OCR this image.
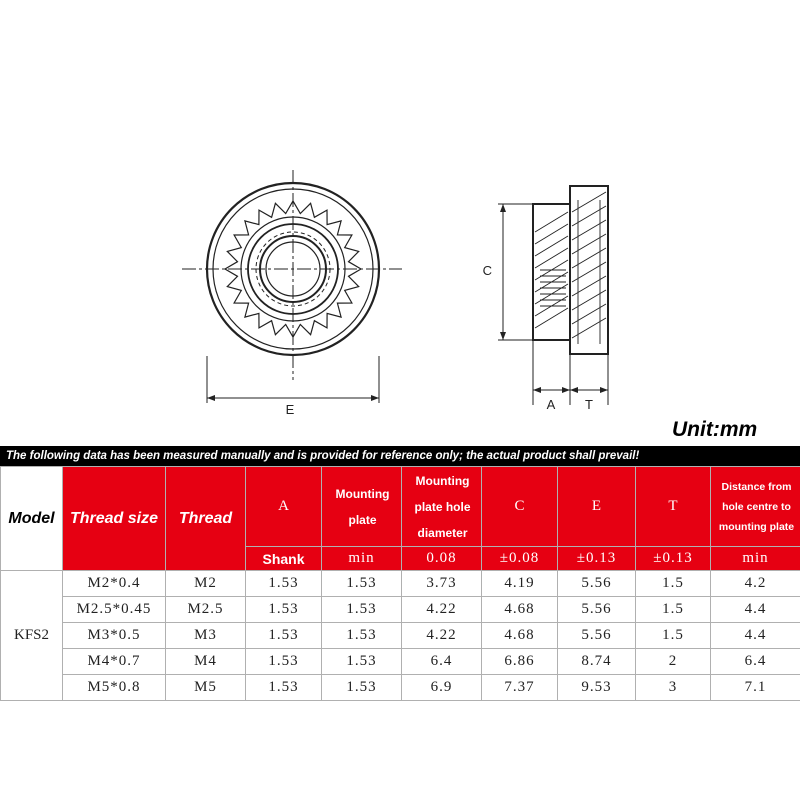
E
C
A T
Unit:mm
The following data has been measured manually and is provided for reference only; the actual product shall prevail!
Model	Thread size	Thread	A	Mounting plate	Mounting plate hole diameter	C	E	T	Distance from hole centre to mounting plate
			Shank	min	0.08	±0.08	±0.13	±0.13	min
KFS2	M2*0.4	M2	1.53	1.53	3.73	4.19	5.56	1.5	4.2
	M2.5*0.45	M2.5	1.53	1.53	4.22	4.68	5.56	1.5	4.4
	M3*0.5	M3	1.53	1.53	4.22	4.68	5.56	1.5	4.4
	M4*0.7	M4	1.53	1.53	6.4	6.86	8.74	2	6.4
	M5*0.8	M5	1.53	1.53	6.9	7.37	9.53	3	7.1
